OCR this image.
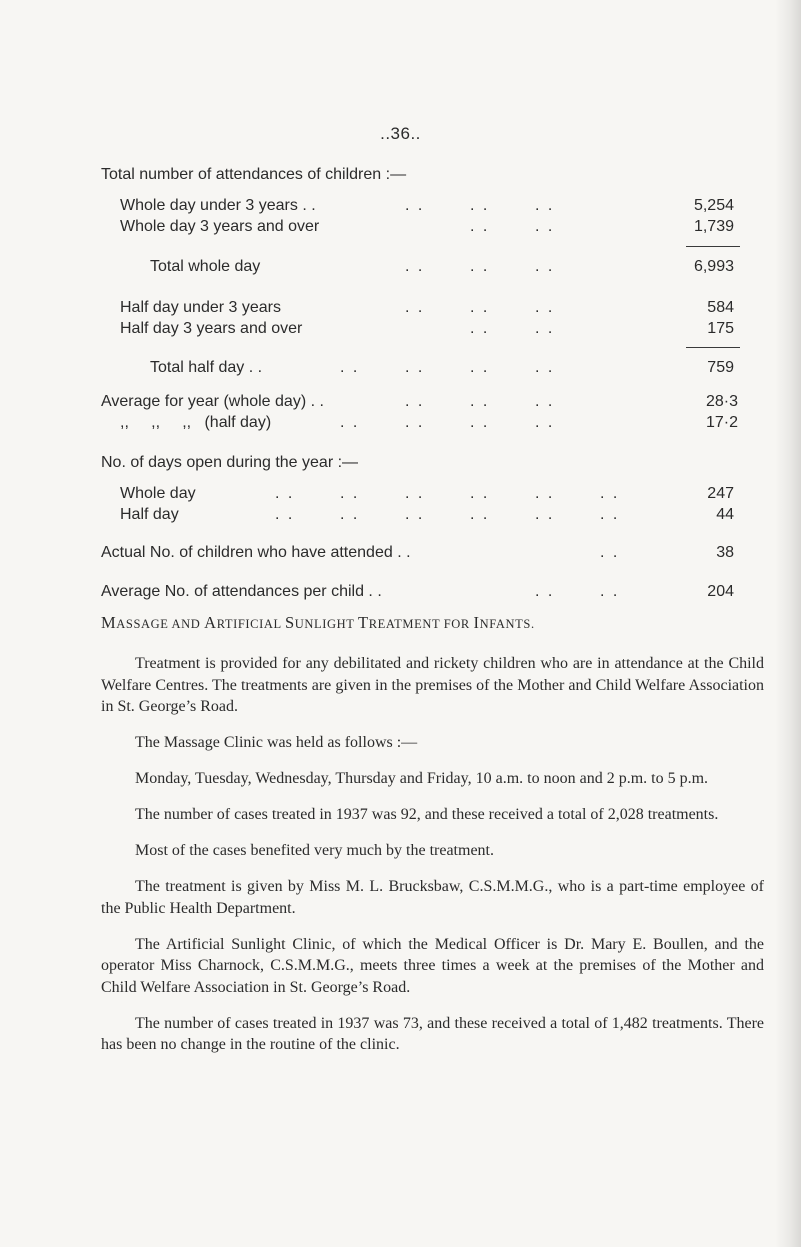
..36..
Total number of attendances of children :—
Whole day under 3 years . .	. .	. .	. .	5,254
Whole day 3 years and over	. .	. .	1,739
Total whole day	. .	. .	. .	6,993
Half day under 3 years	. .	. .	. .	584
Half day 3 years and over	. .	. .	175
Total half day . .	. .	. .	. .	. .	759
Average for year (whole day) . .	. .	. .	. .	28·3
,,     ,,     ,,   (half day)	. .	. .	. .	. .	17·2
No. of days open during the year :—
Whole day	. .	. .	. .	. .	. .	. .	247
Half day	. .	. .	. .	. .	. .	. .	44
Actual No. of children who have attended . .	. .	38
Average No. of attendances per child . .	. .	. .	204
MASSAGE AND ARTIFICIAL SUNLIGHT TREATMENT FOR INFANTS.

Treatment is provided for any debilitated and rickety children who are in attendance at the Child Welfare Centres. The treatments are given in the premises of the Mother and Child Welfare Association in St. George’s Road.

The Massage Clinic was held as follows :—

Monday, Tuesday, Wednesday, Thursday and Friday, 10 a.m. to noon and 2 p.m. to 5 p.m.

The number of cases treated in 1937 was 92, and these received a total of 2,028 treatments.

Most of the cases benefited very much by the treatment.

The treatment is given by Miss M. L. Brucksbaw, C.S.M.M.G., who is a part-time employee of the Public Health Department.

The Artificial Sunlight Clinic, of which the Medical Officer is Dr. Mary E. Boullen, and the operator Miss Charnock, C.S.M.M.G., meets three times a week at the premises of the Mother and Child Welfare Association in St. George’s Road.

The number of cases treated in 1937 was 73, and these received a total of 1,482 treatments. There has been no change in the routine of the clinic.
